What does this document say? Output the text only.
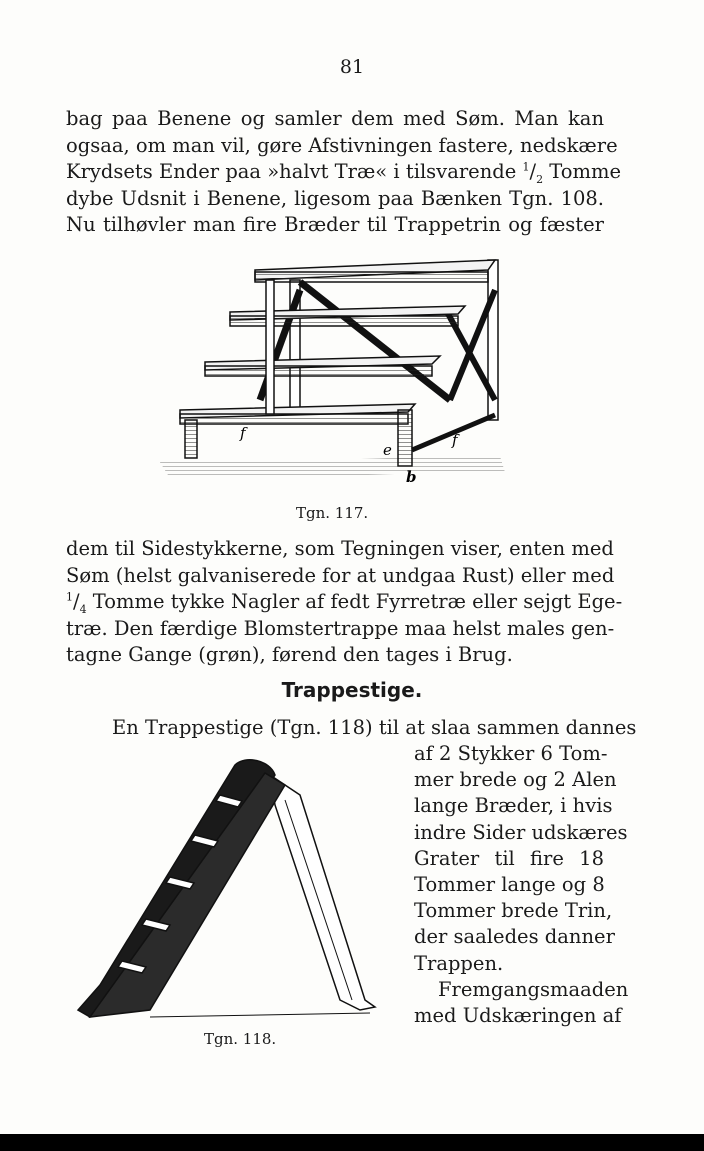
81
bag paa Benene og samler dem med Søm. Man kan
ogsaa, om man vil, gøre Afstivningen fastere, nedskære
Krydsets Ender paa »halvt Træ« i tilsvarende $^1/_2$ Tomme
dybe Udsnit i Benene, ligesom paa Bænken Tgn. 108.
Nu tilhøvler man fire Bræder til Trappetrin og fæster
f
e
f
b
Tgn. 117.
dem til Sidestykkerne, som Tegningen viser, enten med
Søm (helst galvaniserede for at undgaa Rust) eller med
$^1/_4$ Tomme tykke Nagler af fedt Fyrretræ eller sejgt Ege-
træ. Den færdige Blomstertrappe maa helst males gen-
tagne Gange (grøn), førend den tages i Brug.
Trappestige.
En Trappestige (Tgn. 118) til at slaa sammen dannes
af 2 Stykker 6 Tom-
mer brede og 2 Alen
lange Bræder, i hvis
indre Sider udskæres
Grater til fire 18
Tommer lange og 8
Tommer brede Trin,
der saaledes danner
Trappen.
Fremgangsmaaden
med Udskæringen af
Tgn. 118.
